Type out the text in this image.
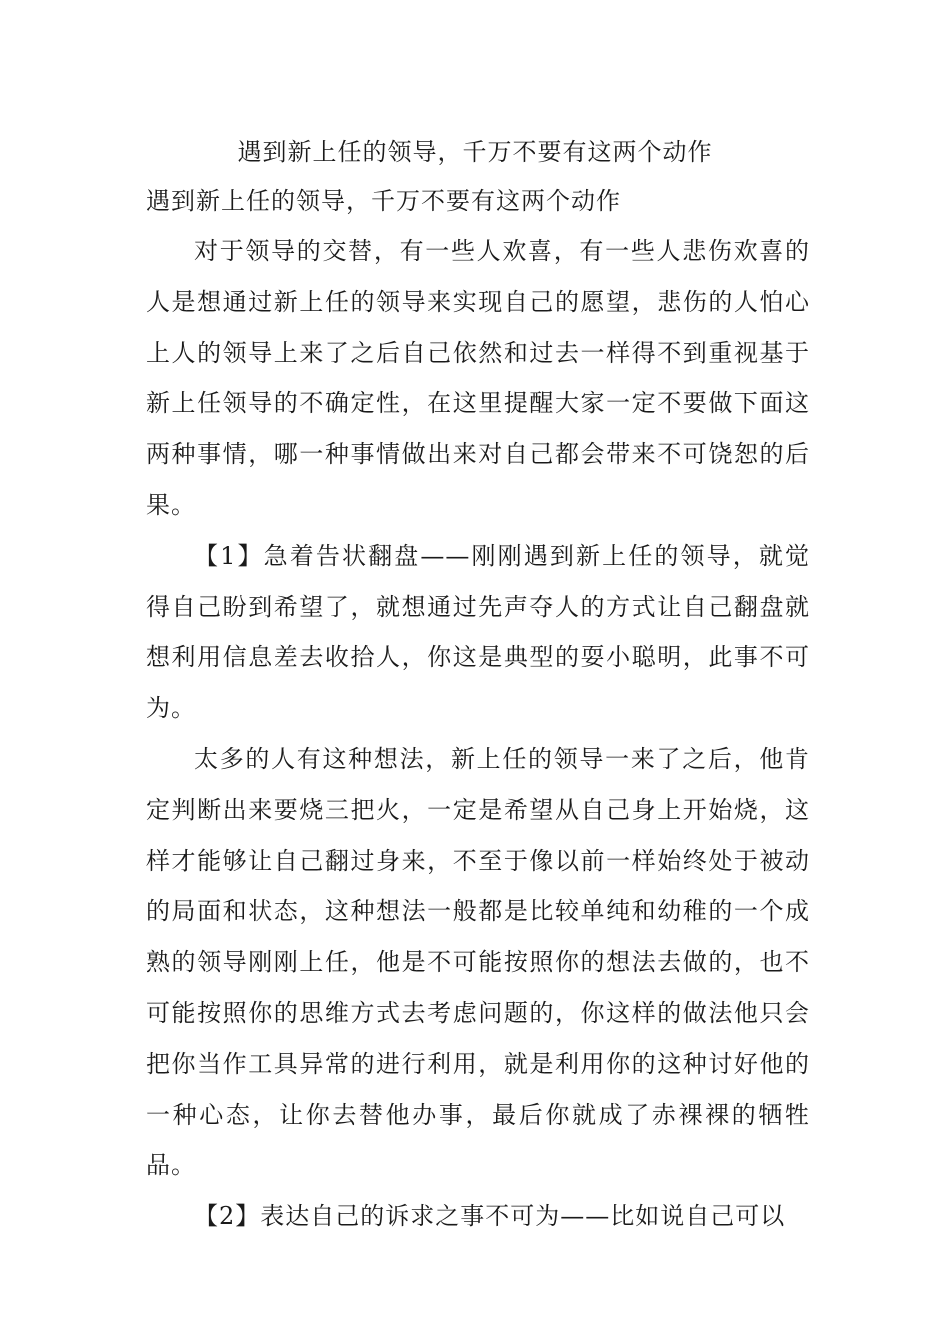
遇到新上任的领导，千万不要有这两个动作
遇到新上任的领导，千万不要有这两个动作

对于领导的交替，有一些人欢喜，有一些人悲伤欢喜的人是想通过新上任的领导来实现自己的愿望，悲伤的人怕心上人的领导上来了之后自己依然和过去一样得不到重视基于新上任领导的不确定性，在这里提醒大家一定不要做下面这两种事情，哪一种事情做出来对自己都会带来不可饶恕的后果。

【1】急着告状翻盘——刚刚遇到新上任的领导，就觉得自己盼到希望了，就想通过先声夺人的方式让自己翻盘就想利用信息差去收拾人，你这是典型的耍小聪明，此事不可为。

太多的人有这种想法，新上任的领导一来了之后，他肯定判断出来要烧三把火，一定是希望从自己身上开始烧，这样才能够让自己翻过身来，不至于像以前一样始终处于被动的局面和状态，这种想法一般都是比较单纯和幼稚的一个成熟的领导刚刚上任，他是不可能按照你的想法去做的，也不可能按照你的思维方式去考虑问题的，你这样的做法他只会把你当作工具异常的进行利用，就是利用你的这种讨好他的一种心态，让你去替他办事，最后你就成了赤裸裸的牺牲品。

【2】表达自己的诉求之事不可为——比如说自己可以
